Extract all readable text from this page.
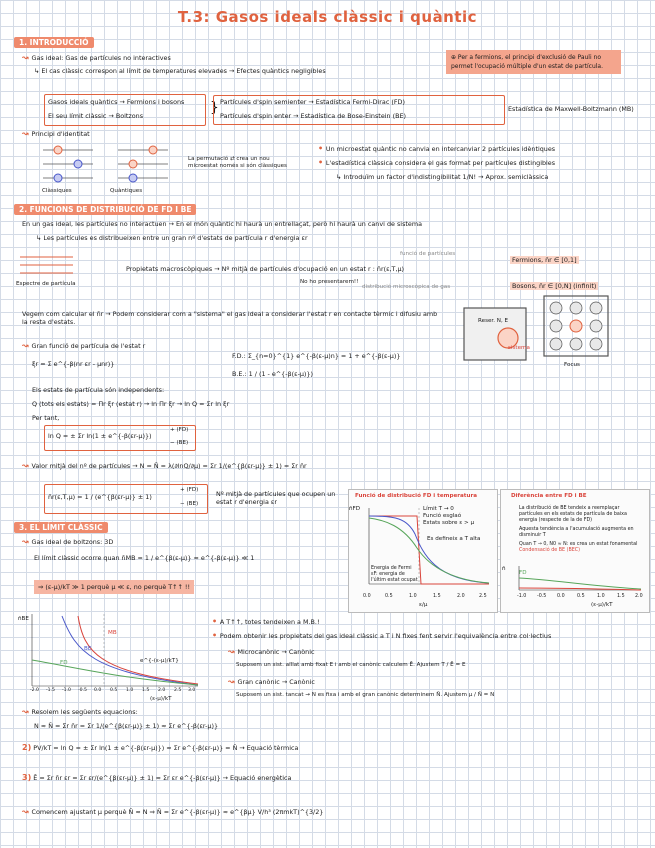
T.3: Gasos ideals clàssic i quàntic
1. INTRODUCCIÓ
↝ Gas ideal: Gas de partícules no interactives
↳ El cas clàssic correspon al límit de temperatures elevades → Efectes quàntics negligibles
⊕ Per a fermions, el principi d'exclusió de Pauli no permet l'ocupació múltiple d'un estat de partícula.
Gasos ideals quàntics → Fermions i bosons
El seu límit clàssic → Boltzons	} Partícules d'spin semienter → Estadística Fermi-Dirac (FD)
Partícules d'spin enter → Estadística de Bose-Einstein (BE)
Estadística de Maxwell-Boltzmann (MB)
↝ Principi d'identitat
Clàssiques	Quàntiques
La permutació ⇄ crea un nou microestat només si són clàssiques
• Un microestat quàntic no canvia en intercanviar 2 partícules idèntiques
• L'estadística clàssica considera el gas format per partícules distingibles
↳ Introduïm un factor d'indistingibilitat 1/N! → Aprox. semiclàssica
2. FUNCIONS DE DISTRIBUCIÓ DE FD I BE
En un gas ideal, les partícules no interactuen → En el món quàntic hi haurà un entrellaçat, però hi haurà un canvi de sistema
↳ Les partícules es distribueixen entre un gran nº d'estats de partícula r d'energia εr
Espectre de partícula
Propietats macroscòpiques → Nº mitjà de partícules d'ocupació en un estat r : n̄r(ε,T,μ)
No ho presentarem!!
funció de partícules
distribució microscòpica de gas
Fermions, n̄r ∈ [0,1]
Bosons, n̄r ∈ [0,N] (infinit)
Vegem com calcular el n̄r → Podem considerar com a "sistema" el gas ideal a considerar l'estat r en contacte tèrmic i difusiu amb la resta d'estats.	Reser. N, E
sistema
Focus
↝ Gran funció de partícula de l'estat r
ξr = Σ e^{-β(nr εr - μnr)}
F.D.: Σ_{n=0}^{1} e^{-β(ε-μ)n} = 1 + e^{-β(ε-μ)}
B.E.: 1 / (1 - e^{-β(ε-μ)})
Els estats de partícula són independents:
Q (tots els estats) = Πr ξr (estat r) → ln Πr ξr → ln Q = Σr ln ξr
Per tant,
ln Q = ± Σr ln(1 ± e^{-β(εr-μ)})
+ (FD)
− (BE)
↝ Valor mitjà del nº de partícules → N = N̄ = λ(∂lnQ/∂μ) = Σr 1/(e^{β(εr-μ)} ± 1) = Σr n̄r
n̄r(ε,T,μ) = 1 / (e^{β(εr-μ)} ± 1)
+ (FD)
− (BE)
Nº mitjà de partícules que ocupen un estat r d'energia εr
Funció de distribució FD i temperatura
n̄FD	Límit T → 0
Funció esglaó
Estats sobre ε > μ
Es defineix a T alta
Energia de Fermi εF: energia de l'últim estat ocupat
0.0	0.5	1.0	1.5	2.0	2.5
ε/μ
Diferència entre FD i BE
La distribució de BE tendeix a reemplaçar partícules en els estats de partícula de baixa energia (respecte de la de FD)
Aquesta tendència a l'acumulació augmenta en disminuir T
Quan T → 0, N0 ≈ N: es crea un estat fonamental
Condensació de BE (BEC)
FD
n̄
-1.0 -0.5 0.0	0.5	1.0	1.5 2.0
(ε-μ)/kT
3. EL LÍMIT CLÀSSIC
↝ Gas ideal de boltzons: 3D
El límit clàssic ocorre quan n̄MB = 1 / e^{β(ε-μ)} ≈ e^{-β(ε-μ)} ≪ 1
⇒ (ε-μ)/kT ≫ 1 perquè μ ≪ ε, no perquè T↑↑ !!
n̄BE
BE
MB
FD	e^{-(ε-μ)/kT}
-2.0 -1.5 -1.0 -0.5 0.0 0.5 1.0 1.5 2.0 2.5 3.0
(ε-μ)/kT
• A T↑↑, totes tendeixen a M.B.!
• Podem obtenir les propietats del gas ideal clàssic a T i N fixes fent servir l'equivalència entre col·lectius
↝ Microcanònic → Canònic
Suposem un sist. aïllat amb fixat E i amb el canònic calculem Ē. Ajustem T / Ē = E
↝ Gran canònic → Canònic
Suposem un sist. tancat → N es fixa i amb el gran canònic determinem N̄. Ajustem μ / N̄ = N
↝ Resolem les següents equacions:
N ≈ N̄ = Σr n̄r = Σr 1/(e^{β(εr-μ)} ± 1) ≈ Σr e^{-β(εr-μ)}
2) PV/kT = ln Q = ± Σr ln(1 ± e^{-β(εr-μ)}) ≈ Σr e^{-β(εr-μ)} = N̄ → Equació tèrmica
3) Ē = Σr n̄r εr = Σr εr/(e^{β(εr-μ)} ± 1) ≈ Σr εr e^{-β(εr-μ)} → Equació energètica
↝ Comencem ajustant μ perquè N̄ ≈ N ⇒ N̄ = Σr e^{-β(εr-μ)} ≈ e^{βμ} V/h³ (2πmkT)^{3/2}
